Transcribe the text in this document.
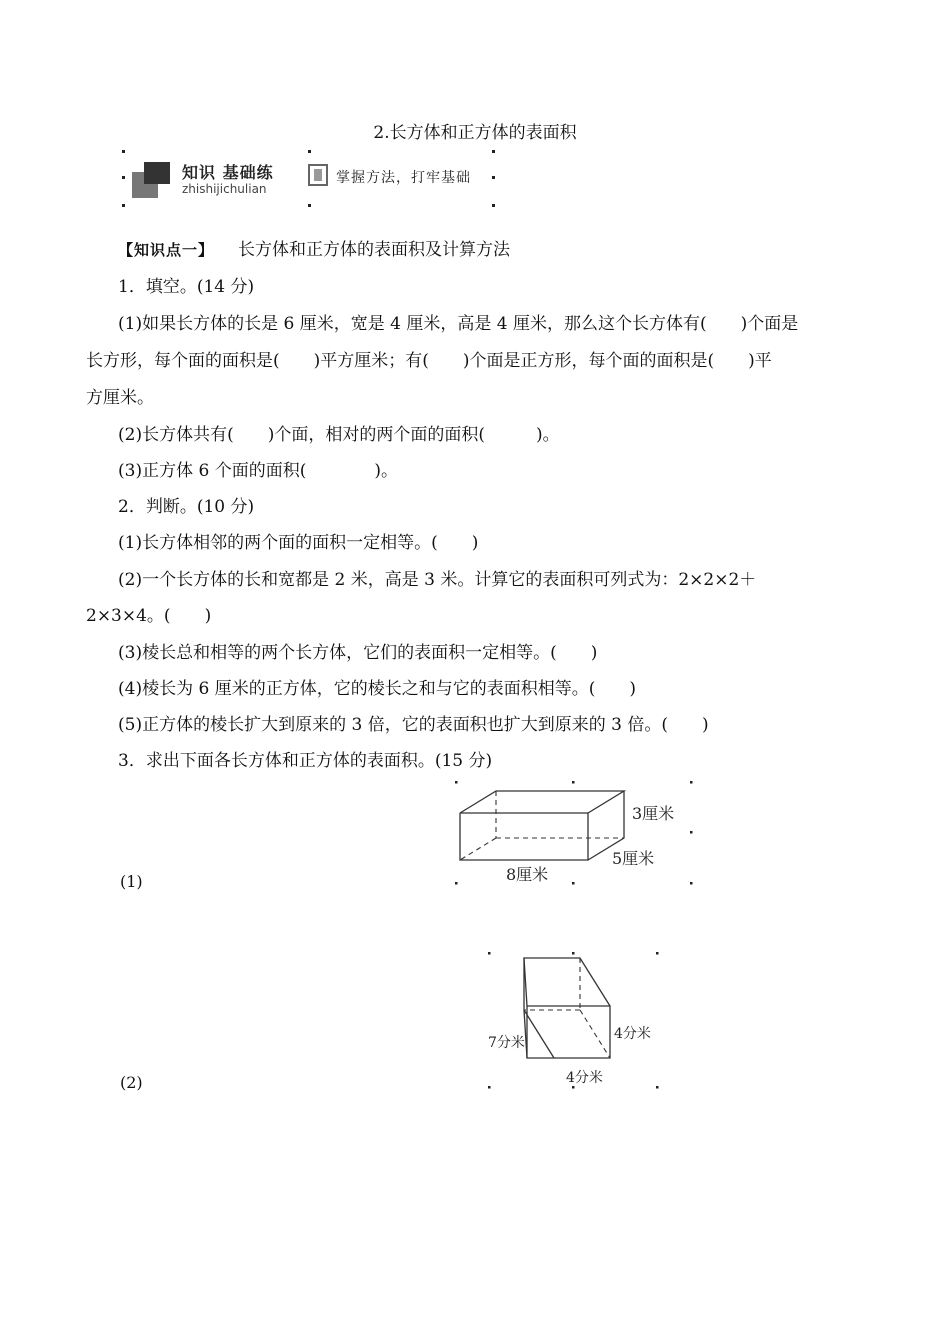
2.长方体和正方体的表面积
知识 基础练
zhishijichulian
掌握方法，打牢基础
【知识点一】 长方体和正方体的表面积及计算方法
1．填空。(14 分)
(1)如果长方体的长是 6 厘米，宽是 4 厘米，高是 4 厘米，那么这个长方体有(　　)个面是
长方形，每个面的面积是(　　)平方厘米；有(　　)个面是正方形，每个面的面积是(　　)平
方厘米。
(2)长方体共有(　　)个面，相对的两个面的面积(　　　)。
(3)正方体 6 个面的面积(　　　　)。
2．判断。(10 分)
(1)长方体相邻的两个面的面积一定相等。(　　)
(2)一个长方体的长和宽都是 2 米，高是 3 米。计算它的表面积可列式为：2×2×2＋
2×3×4。(　　)
(3)棱长总和相等的两个长方体，它们的表面积一定相等。(　　)
(4)棱长为 6 厘米的正方体，它的棱长之和与它的表面积相等。(　　)
(5)正方体的棱长扩大到原来的 3 倍，它的表面积也扩大到原来的 3 倍。(　　)
3．求出下面各长方体和正方体的表面积。(15 分)
(1)
3厘米
5厘米
8厘米
(2)
7分米
4分米
4分米
